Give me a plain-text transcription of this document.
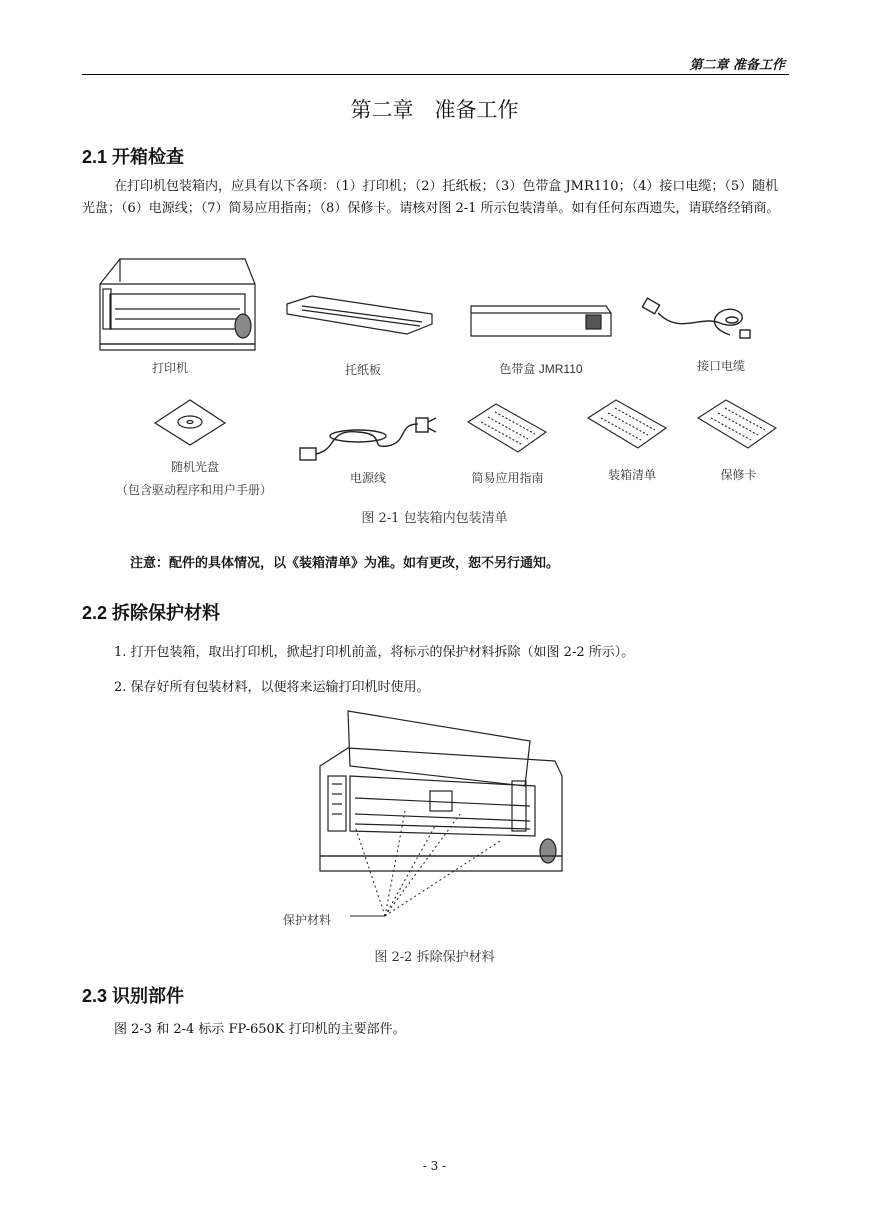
第二章 准备工作
第二章　准备工作
2.1 开箱检查
在打印机包装箱内，应具有以下各项：（1）打印机；（2）托纸板；（3）色带盒 JMR110；（4）接口电缆；（5）随机光盘；（6）电源线；（7）简易应用指南；（8）保修卡。请核对图 2-1 所示包装清单。如有任何东西遗失，请联络经销商。
打印机	托纸板	色带盒 JMR110	接口电缆
随机光盘
（包含驱动程序和用户手册）
电源线	简易应用指南	装箱清单	保修卡
图 2-1 包装箱内包装清单
注意：配件的具体情况，以《装箱清单》为准。如有更改，恕不另行通知。
2.2 拆除保护材料
1. 打开包装箱，取出打印机，掀起打印机前盖，将标示的保护材料拆除（如图 2-2 所示）。
2. 保存好所有包装材料，以便将来运输打印机时使用。
保护材料
图 2-2 拆除保护材料
2.3 识别部件
图 2-3 和 2-4 标示 FP-650K 打印机的主要部件。
- 3 -
